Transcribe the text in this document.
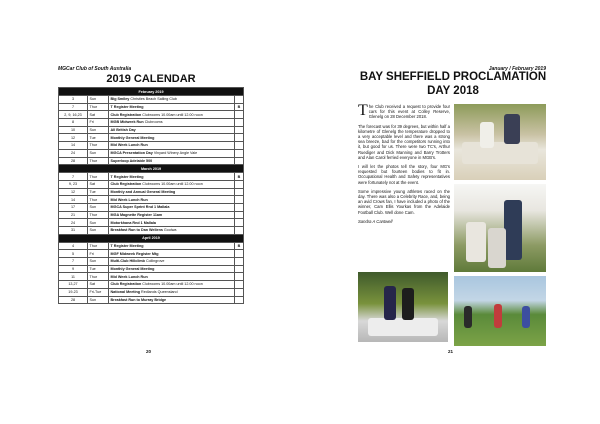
MGCar Club of South Australia
2019 CALENDAR
February 2019			
3	Sun	Big Smiley Christies Beach Sailing Club	
7	Thur	T Register Meeting	B
2, 9, 16,23	Sat	Club Registration Clubrooms 10.00am until 12.00 noon	
8	Fri	MGB Midweek Run Clubrooms	
10	Sun	All British Day	
12	Tue	Monthly General Meeting	
14	Thur	Mid Week Lunch Run	
24	Sun	MGCA Presentation Day Vinyard Winery Angle Vale	
28	Thur	Superloop Adelaide 500	
March 2019			
7	Thur	T Register Meeting	B
9, 23	Sat	Club Registration Clubrooms 10.00am until 12.00 noon	
12	Tue	Monthly and Annual General Meeting	
14	Thur	Mid Week Lunch Run	
17	Sun	MGCA Super Sprint Rnd 1 Mallala	
21	Thur	MGA Magnette Register 11am	
24	Sun	Motorkhana Rnd 1 Mallala	
31	Sun	Breakfast Run to Dan Wellens Goolwa	
April 2019			
4	Thur	T Register Meeting	B
5	Fri	MGF Midweek Register Mtg	
7	Sun	Multi-Club Hillclimb Collingrove	
9	Tue	Monthly General Meeting	
11	Thur	Mid Week Lunch Run	
13,27	Sat	Club Registration Clubrooms 10.00am until 12.00 noon	
19-23	Fri-Tue	National Meeting Redlands Queensland	
28	Sun	Breakfast Run to Murray Bridge	
20
January / February 2019
BAY SHEFFIELD PROCLAMATION
DAY 2018

The Club received a request to provide four cars for this event at Colley Reserve, Glenelg on 28 December 2018.

The forecast was for 39 degrees, but within half a kilometre of Glenelg the temperature dropped to a very acceptable level and there was a strong sea breeze, bad for the competitors running into it, but good for us. There were two TC's, Arthur Ruediger and Dick Manning and Barry Trotters and Alan Carol ferried everyone in MGB's.

I will let the photos tell the story, four MG's requested but fourteen bodies to fit in. Occupational Health and Safety representatives were fortunately not at the event.

Some impressive young athletes raced on the day. There was also a Celebrity Race, and, being an avid Crows fan, I have included a photo of the winner, Cam Ellis Yourkas from the Adelaide Football Club. Well done Cam.

Sandra A Cantwell

21
